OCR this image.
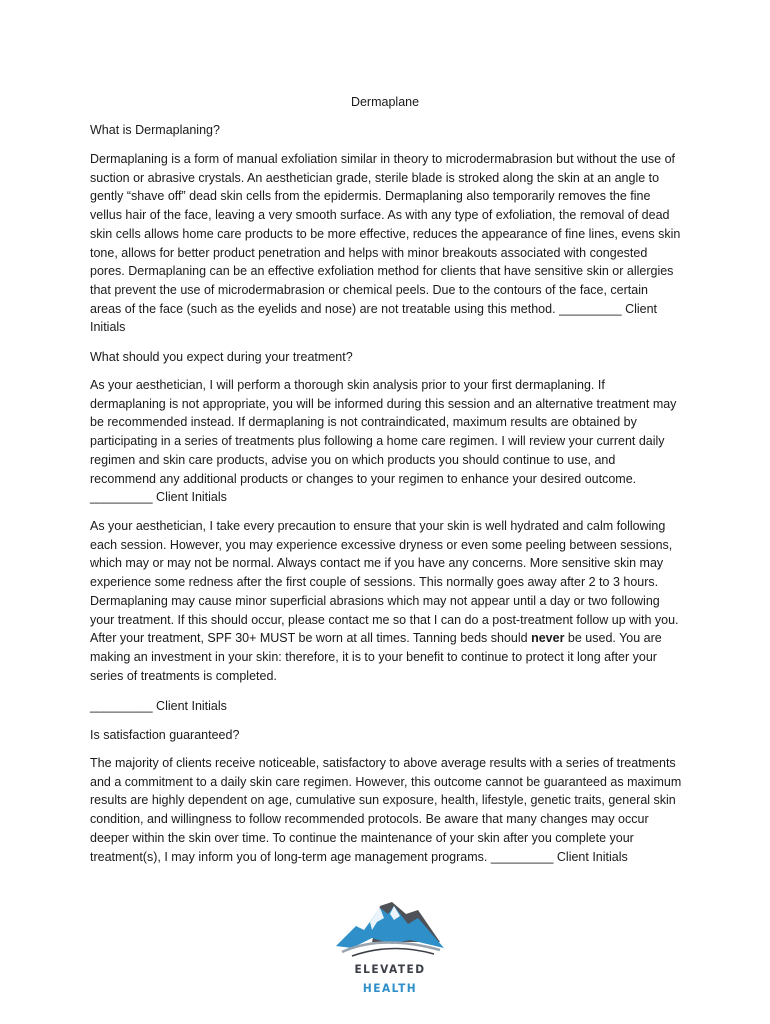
Dermaplane

What is Dermaplaning?

Dermaplaning is a form of manual exfoliation similar in theory to microdermabrasion but without the use of suction or abrasive crystals. An aesthetician grade, sterile blade is stroked along the skin at an angle to gently “shave off” dead skin cells from the epidermis. Dermaplaning also temporarily removes the fine vellus hair of the face, leaving a very smooth surface. As with any type of exfoliation, the removal of dead skin cells allows home care products to be more effective, reduces the appearance of fine lines, evens skin tone, allows for better product penetration and helps with minor breakouts associated with congested pores. Dermaplaning can be an effective exfoliation method for clients that have sensitive skin or allergies that prevent the use of microdermabrasion or chemical peels. Due to the contours of the face, certain areas of the face (such as the eyelids and nose) are not treatable using this method. _________ Client Initials

What should you expect during your treatment?

As your aesthetician, I will perform a thorough skin analysis prior to your first dermaplaning. If dermaplaning is not appropriate, you will be informed during this session and an alternative treatment may be recommended instead. If dermaplaning is not contraindicated, maximum results are obtained by participating in a series of treatments plus following a home care regimen. I will review your current daily regimen and skin care products, advise you on which products you should continue to use, and recommend any additional products or changes to your regimen to enhance your desired outcome. _________ Client Initials

As your aesthetician, I take every precaution to ensure that your skin is well hydrated and calm following each session. However, you may experience excessive dryness or even some peeling between sessions, which may or may not be normal. Always contact me if you have any concerns. More sensitive skin may experience some redness after the first couple of sessions. This normally goes away after 2 to 3 hours. Dermaplaning may cause minor superficial abrasions which may not appear until a day or two following your treatment. If this should occur, please contact me so that I can do a post-treatment follow up with you. After your treatment, SPF 30+ MUST be worn at all times. Tanning beds should never be used. You are making an investment in your skin: therefore, it is to your benefit to continue to protect it long after your series of treatments is completed.

_________ Client Initials

Is satisfaction guaranteed?

The majority of clients receive noticeable, satisfactory to above average results with a series of treatments and a commitment to a daily skin care regimen. However, this outcome cannot be guaranteed as maximum results are highly dependent on age, cumulative sun exposure, health, lifestyle, genetic traits, general skin condition, and willingness to follow recommended protocols. Be aware that many changes may occur deeper within the skin over time. To continue the maintenance of your skin after you complete your treatment(s), I may inform you of long-term age management programs. _________ Client Initials

ELEVATED HEALTH
